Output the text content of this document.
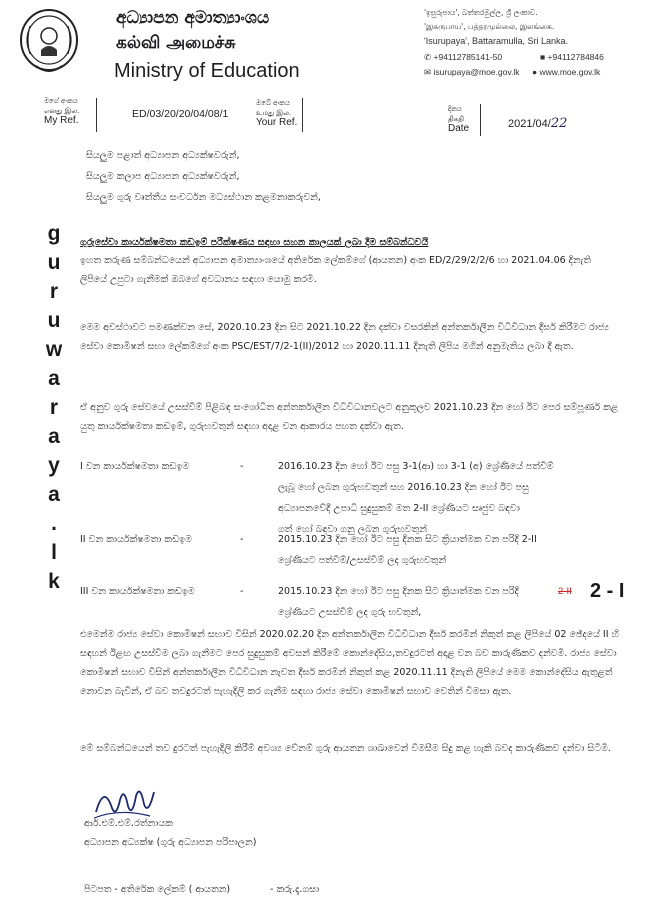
අධ්‍යාපන අමාත්‍යාංශය
கல்வி அமைச்சு
Ministry of Education
'ඉසුරුපාය', බත්තරමුල්ල, ශ්‍රී ලංකාව.
'இசுருபாய', பத்தரமுல்லை, இலங்கை.
'Isurupaya', Battaramulla, Sri Lanka.
✆ +94112785141-50	■ +94112784846
✉ isurupaya@moe.gov.lk ● www.moe.gov.lk
මගේ අංකය
எனது இல.
My Ref.
ED/03/20/20/04/08/1
ඔබේ අංකය
உமது இல.
Your Ref.
දිනය
திகதி
Date	2021/04/22
සියලුම පළාත් අධ්‍යාපන අධ්‍යක්ෂවරුන්,
සියලුම කලාප අධ්‍යාපන අධ්‍යක්ෂවරුන්,
සියලුම ගුරු වෘත්තීය සංවර්ධන මධ්‍යස්ථාන කළමනාකරුවන්,
g
u
r
u
w
a
r
a
y
a
.
l
k
ගුරුසේවා කාර්යක්ෂමතා කඩඉම් පරීක්ෂණය සඳහා සහන කාලයක් ලබා දීම සම්බන්ධවයි
ඉහත කරුණ සම්බන්ධයෙන් අධ්‍යාපන අමාත්‍යාංශයේ අතිරේක ලේකම්ගේ (ආයතන) අංක ED/2/29/2/2/6 හා 2021.04.06 දිනැති ලිපියේ උපුටා ගැනීමක් ඔබගේ අවධානය සඳහා යොමු කරමි.
මෙම අවස්ථාවට පමණක්වන සේ, 2020.10.23 දින සිට 2021.10.22 දින දක්වා වසරකින් අන්තර්කාලීන විධිවිධාන දීර්ඝ කිරීමට රාජ්‍ය සේවා කොමිෂන් සභා ලේකම්ගේ අංක PSC/EST/7/2-1(II)/2012 හා 2020.11.11 දිනැති ලිපිය මගින් අනුමැතිය ලබා දී ඇත.
ඒ අනුව ගුරු සේවයේ උසස්වීම් පිළිබඳ සංශෝධිත අන්තර්කාලීන විධිවිධානවලට අනුකූලව 2021.10.23 දින හෝ ඊට පෙර සම්පූර්ණ කළ යුතු කාර්යක්ෂමතා කඩඉම්, ගුරුභවතුන් සඳහා අදාළ වන ආකාරය පහත දක්වා ඇත.
I වන කාර්යක්ෂමතා කඩඉම	-	2016.10.23 දින හෝ ඊට පසු 3-1(ආ) හා 3-1 (අ) ශ්‍රේණියේ පත්වීම්
ලැබූ හෝ ලබන ගුරුභවතුන් සහ 2016.10.23 දින හෝ ඊට පසු
අධ්‍යාපනවේදී උපාධි සුදුසුකම් මත 2-II ශ්‍රේණියට සෘජුව බඳවා
ගත් හෝ බඳවා ගනු ලබන ගුරුභවතුන්
II වන කාර්යක්ෂමතා කඩඉම	-	2015.10.23 දින හෝ ඊට පසු දිනක සිට ක්‍රියාත්මක වන පරිදි 2-II
ශ්‍රේණියට පත්වීම්/උසස්වීම් ලද ගුරුභවතුන්
III වන කාර්යක්ෂමතා කඩඉම	-	2015.10.23 දින හෝ ඊට පසු දිනක සිට ක්‍රියාත්මක වන පරිදි	2-II 2 - I
ශ්‍රේණියට උසස්වීම් ලද ගුරු භවතුන්,
එමෙන්ම රාජ්‍ය සේවා කොමිෂන් සභාව විසින් 2020.02.20 දින අන්තර්කාලීන විධිවිධාන දීර්ඝ කරමින් නිකුත් කළ ලිපියේ 02 ඡේදයේ II හි සඳහන් ඊළඟ උසස්වීම ලබා ගැනීමට පෙර සුදුසුකම් අවසන් කිරීමේ කොන්දේසිය,තවදුරටත් අදාළ වන බව කාරුණිකව දන්වමි. රාජ්‍ය සේවා කොමිෂන් සභාව විසින් අන්තර්කාලීන විධිවිධාන නැවත දීර්ඝ කරමින් නිකුත් කළ 2020.11.11 දිනැති ලිපියේ මෙම කොන්දේසිය ඇතුළත් නොවන බැවින්, ඒ බව තවදුරටත් පැහැදිලි කර ගැනීම සඳහා රාජ්‍ය සේවා කොමිෂන් සභාව වෙතින් විමසා ඇත.
මේ සම්බන්ධයෙන් තව දුරටත් පැහැදිලි කිරීම් අවශ්‍ය වේනම් ගුරු ආයතන ශාඛාවෙන් විමසීම සිදු කළ හැකි බවද කාරුණිකව දන්වා සිටිමි.
ආර්.එම්.එම්.රත්නායක
අධ්‍යාපන අධ්‍යක්ෂ (ගුරු අධ්‍යාපන පරිපාලන)
පිටපත - අතිරේක ලේකම් ( ආයතන)	- කරු.දැ.ගසා
